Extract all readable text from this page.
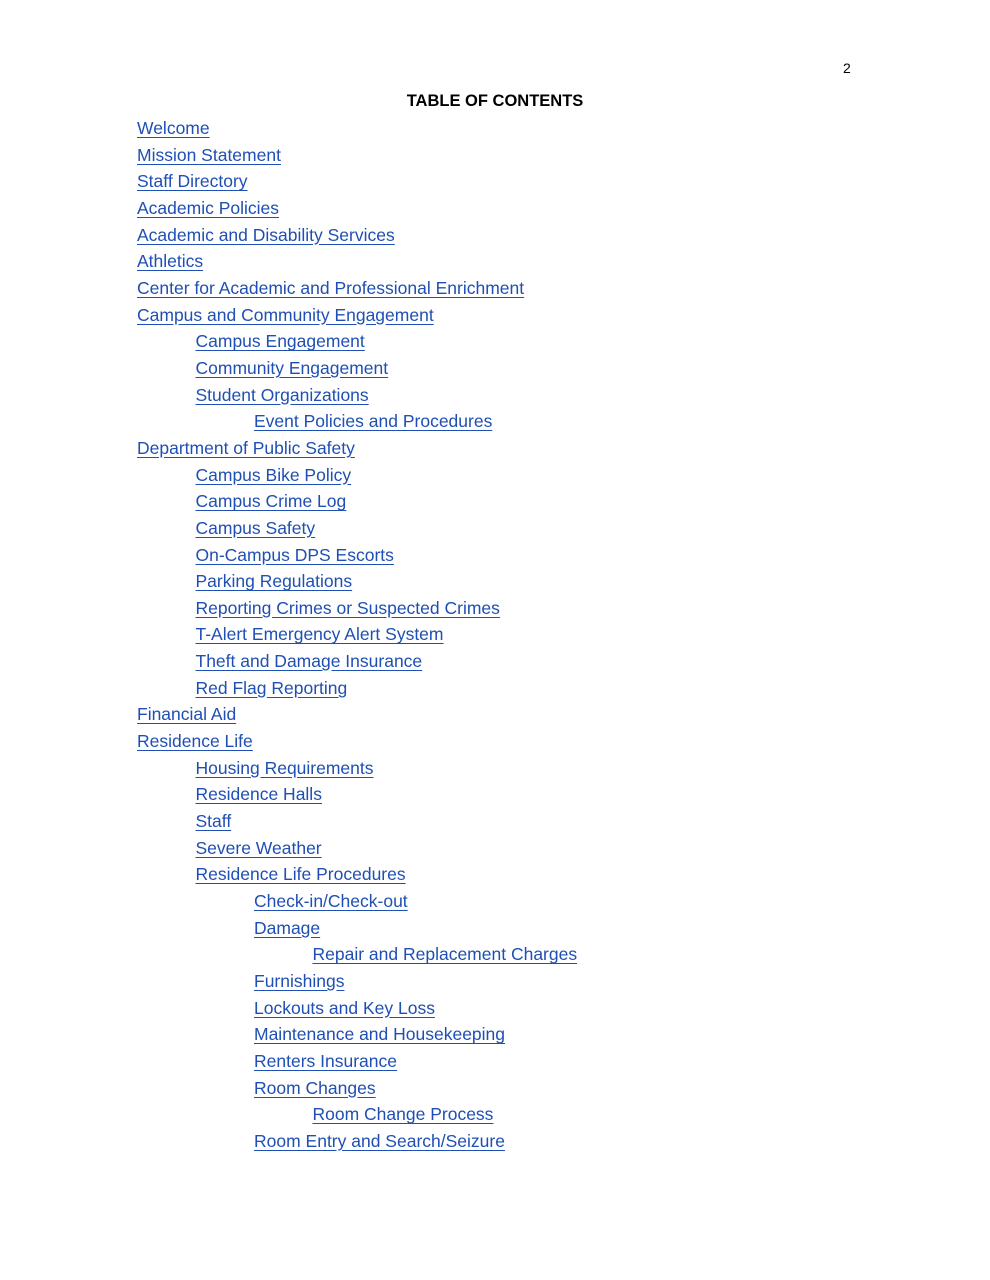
2
TABLE OF CONTENTS
Welcome
Mission Statement
Staff Directory
Academic Policies
Academic and Disability Services
Athletics
Center for Academic and Professional Enrichment
Campus and Community Engagement
Campus Engagement
Community Engagement
Student Organizations
Event Policies and Procedures
Department of Public Safety
Campus Bike Policy
Campus Crime Log
Campus Safety
On-Campus DPS Escorts
Parking Regulations
Reporting Crimes or Suspected Crimes
T-Alert Emergency Alert System
Theft and Damage Insurance
Red Flag Reporting
Financial Aid
Residence Life
Housing Requirements
Residence Halls
Staff
Severe Weather
Residence Life Procedures
Check-in/Check-out
Damage
Repair and Replacement Charges
Furnishings
Lockouts and Key Loss
Maintenance and Housekeeping
Renters Insurance
Room Changes
Room Change Process
Room Entry and Search/Seizure
